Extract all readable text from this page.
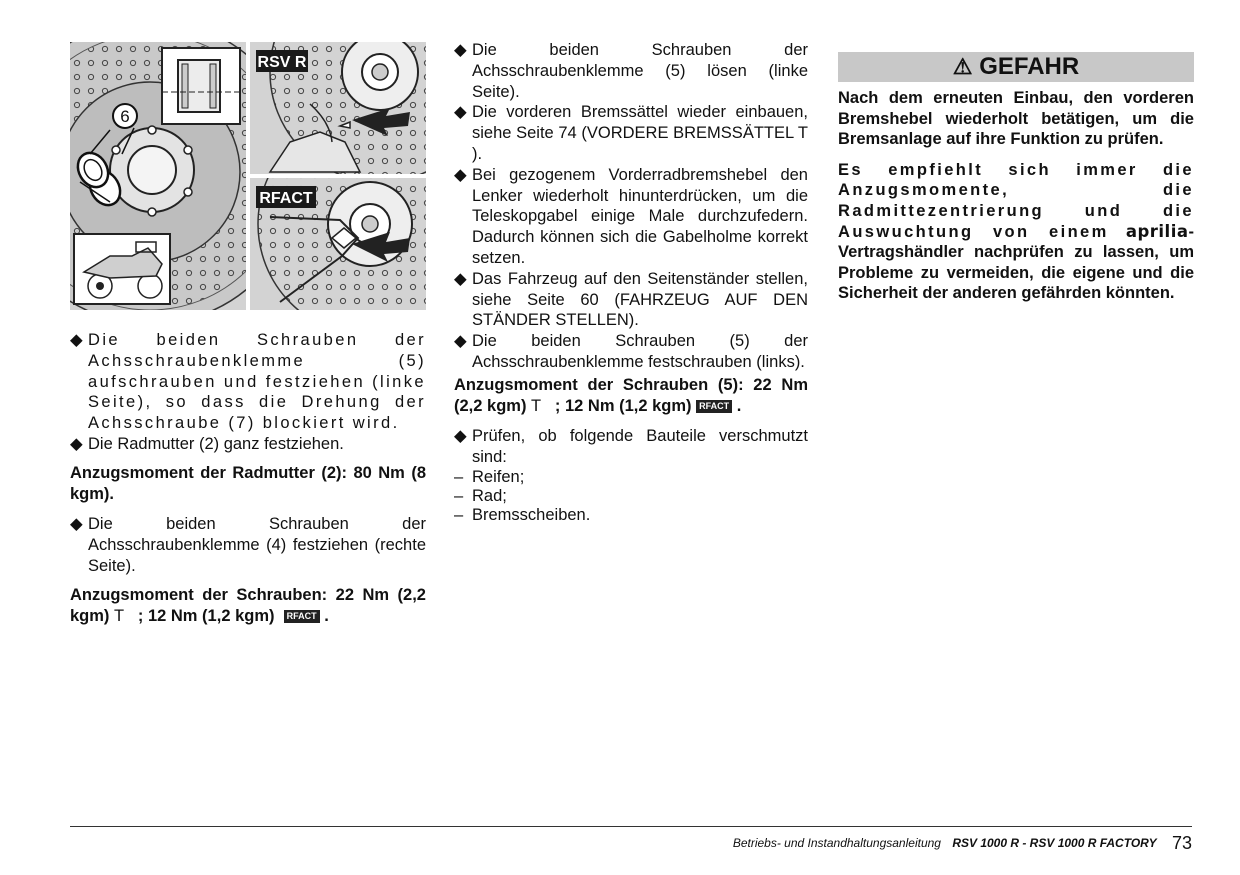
6
RSV R
RFACT
◆ Die beiden Schrauben der Achsschraubenklemme (5) aufschrauben und festziehen (linke Seite), so dass die Drehung der Achsschraube (7) blockiert wird.
◆ Die Radmutter (2) ganz festziehen.
Anzugsmoment der Radmutter (2): 80 Nm (8 kgm).
◆ Die beiden Schrauben der Achsschraubenklemme (4) festziehen (rechte Seite).
Anzugsmoment der Schrauben: 22 Nm (2,2 kgm) T ; 12 Nm (1,2 kgm) RFACT .
◆ Die beiden Schrauben der Achsschraubenklemme (5) lösen (linke Seite).
◆ Die vorderen Bremssättel wieder einbauen, siehe Seite 74 (VORDERE BREMSSÄTTEL T ).
◆ Bei gezogenem Vorderradbremshebel den Lenker wiederholt hinunterdrücken, um die Teleskopgabel einige Male durchzufedern. Dadurch können sich die Gabelholme korrekt setzen.
◆ Das Fahrzeug auf den Seitenständer stellen, siehe Seite 60 (FAHRZEUG AUF DEN STÄNDER STELLEN).
◆ Die beiden Schrauben (5) der Achsschraubenklemme festschrauben (links).
Anzugsmoment der Schrauben (5): 22 Nm (2,2 kgm) T ; 12 Nm (1,2 kgm) RFACT .
◆ Prüfen, ob folgende Bauteile verschmutzt sind:
– Reifen;
– Rad;
– Bremsscheiben.
⚠ GEFAHR
Nach dem erneuten Einbau, den vorderen Bremshebel wiederholt betätigen, um die Bremsanlage auf ihre Funktion zu prüfen.
Es empfiehlt sich immer die Anzugsmomente, die Radmittezentrierung und die Auswuchtung von einem aprilia-Vertragshändler nachprüfen zu lassen, um Probleme zu vermeiden, die eigene und die Sicherheit der anderen gefährden könnten.
Betriebs- und Instandhaltungsanleitung RSV 1000 R - RSV 1000 R FACTORY 73
